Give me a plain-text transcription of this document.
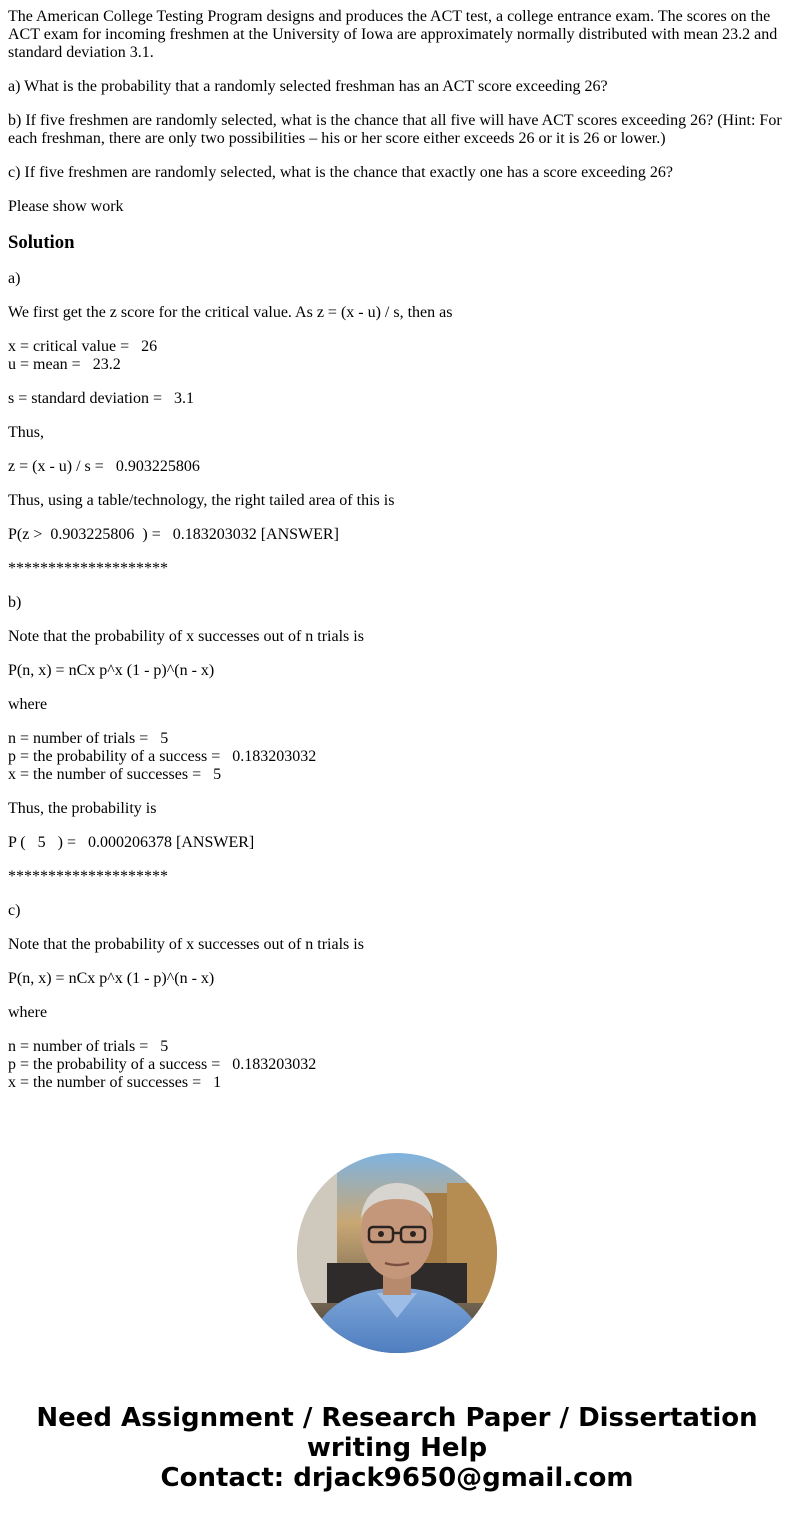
The American College Testing Program designs and produces the ACT test, a college entrance exam. The scores on the ACT exam for incoming freshmen at the University of Iowa are approximately normally distributed with mean 23.2 and standard deviation 3.1.

a) What is the probability that a randomly selected freshman has an ACT score exceeding 26?

b) If five freshmen are randomly selected, what is the chance that all five will have ACT scores exceeding 26? (Hint: For each freshman, there are only two possibilities – his or her score either exceeds 26 or it is 26 or lower.)

c) If five freshmen are randomly selected, what is the chance that exactly one has a score exceeding 26?

Please show work

Solution

a)

We first get the z score for the critical value. As z = (x - u) / s, then as

x = critical value = 26

u = mean = 23.2

s = standard deviation = 3.1

Thus,

z = (x - u) / s = 0.903225806

Thus, using a table/technology, the right tailed area of this is

P(z > 0.903225806 ) = 0.183203032 [ANSWER]

********************

b)

Note that the probability of x successes out of n trials is

P(n, x) = nCx p^x (1 - p)^(n - x)

where

n = number of trials = 5

p = the probability of a success = 0.183203032

x = the number of successes = 5

Thus, the probability is

P ( 5 ) = 0.000206378 [ANSWER]

********************

c)

Note that the probability of x successes out of n trials is

P(n, x) = nCx p^x (1 - p)^(n - x)

where

n = number of trials = 5

p = the probability of a success = 0.183203032

x = the number of successes = 1

Need Assignment / Research Paper / Dissertation
writing Help
Contact: drjack9650@gmail.com
